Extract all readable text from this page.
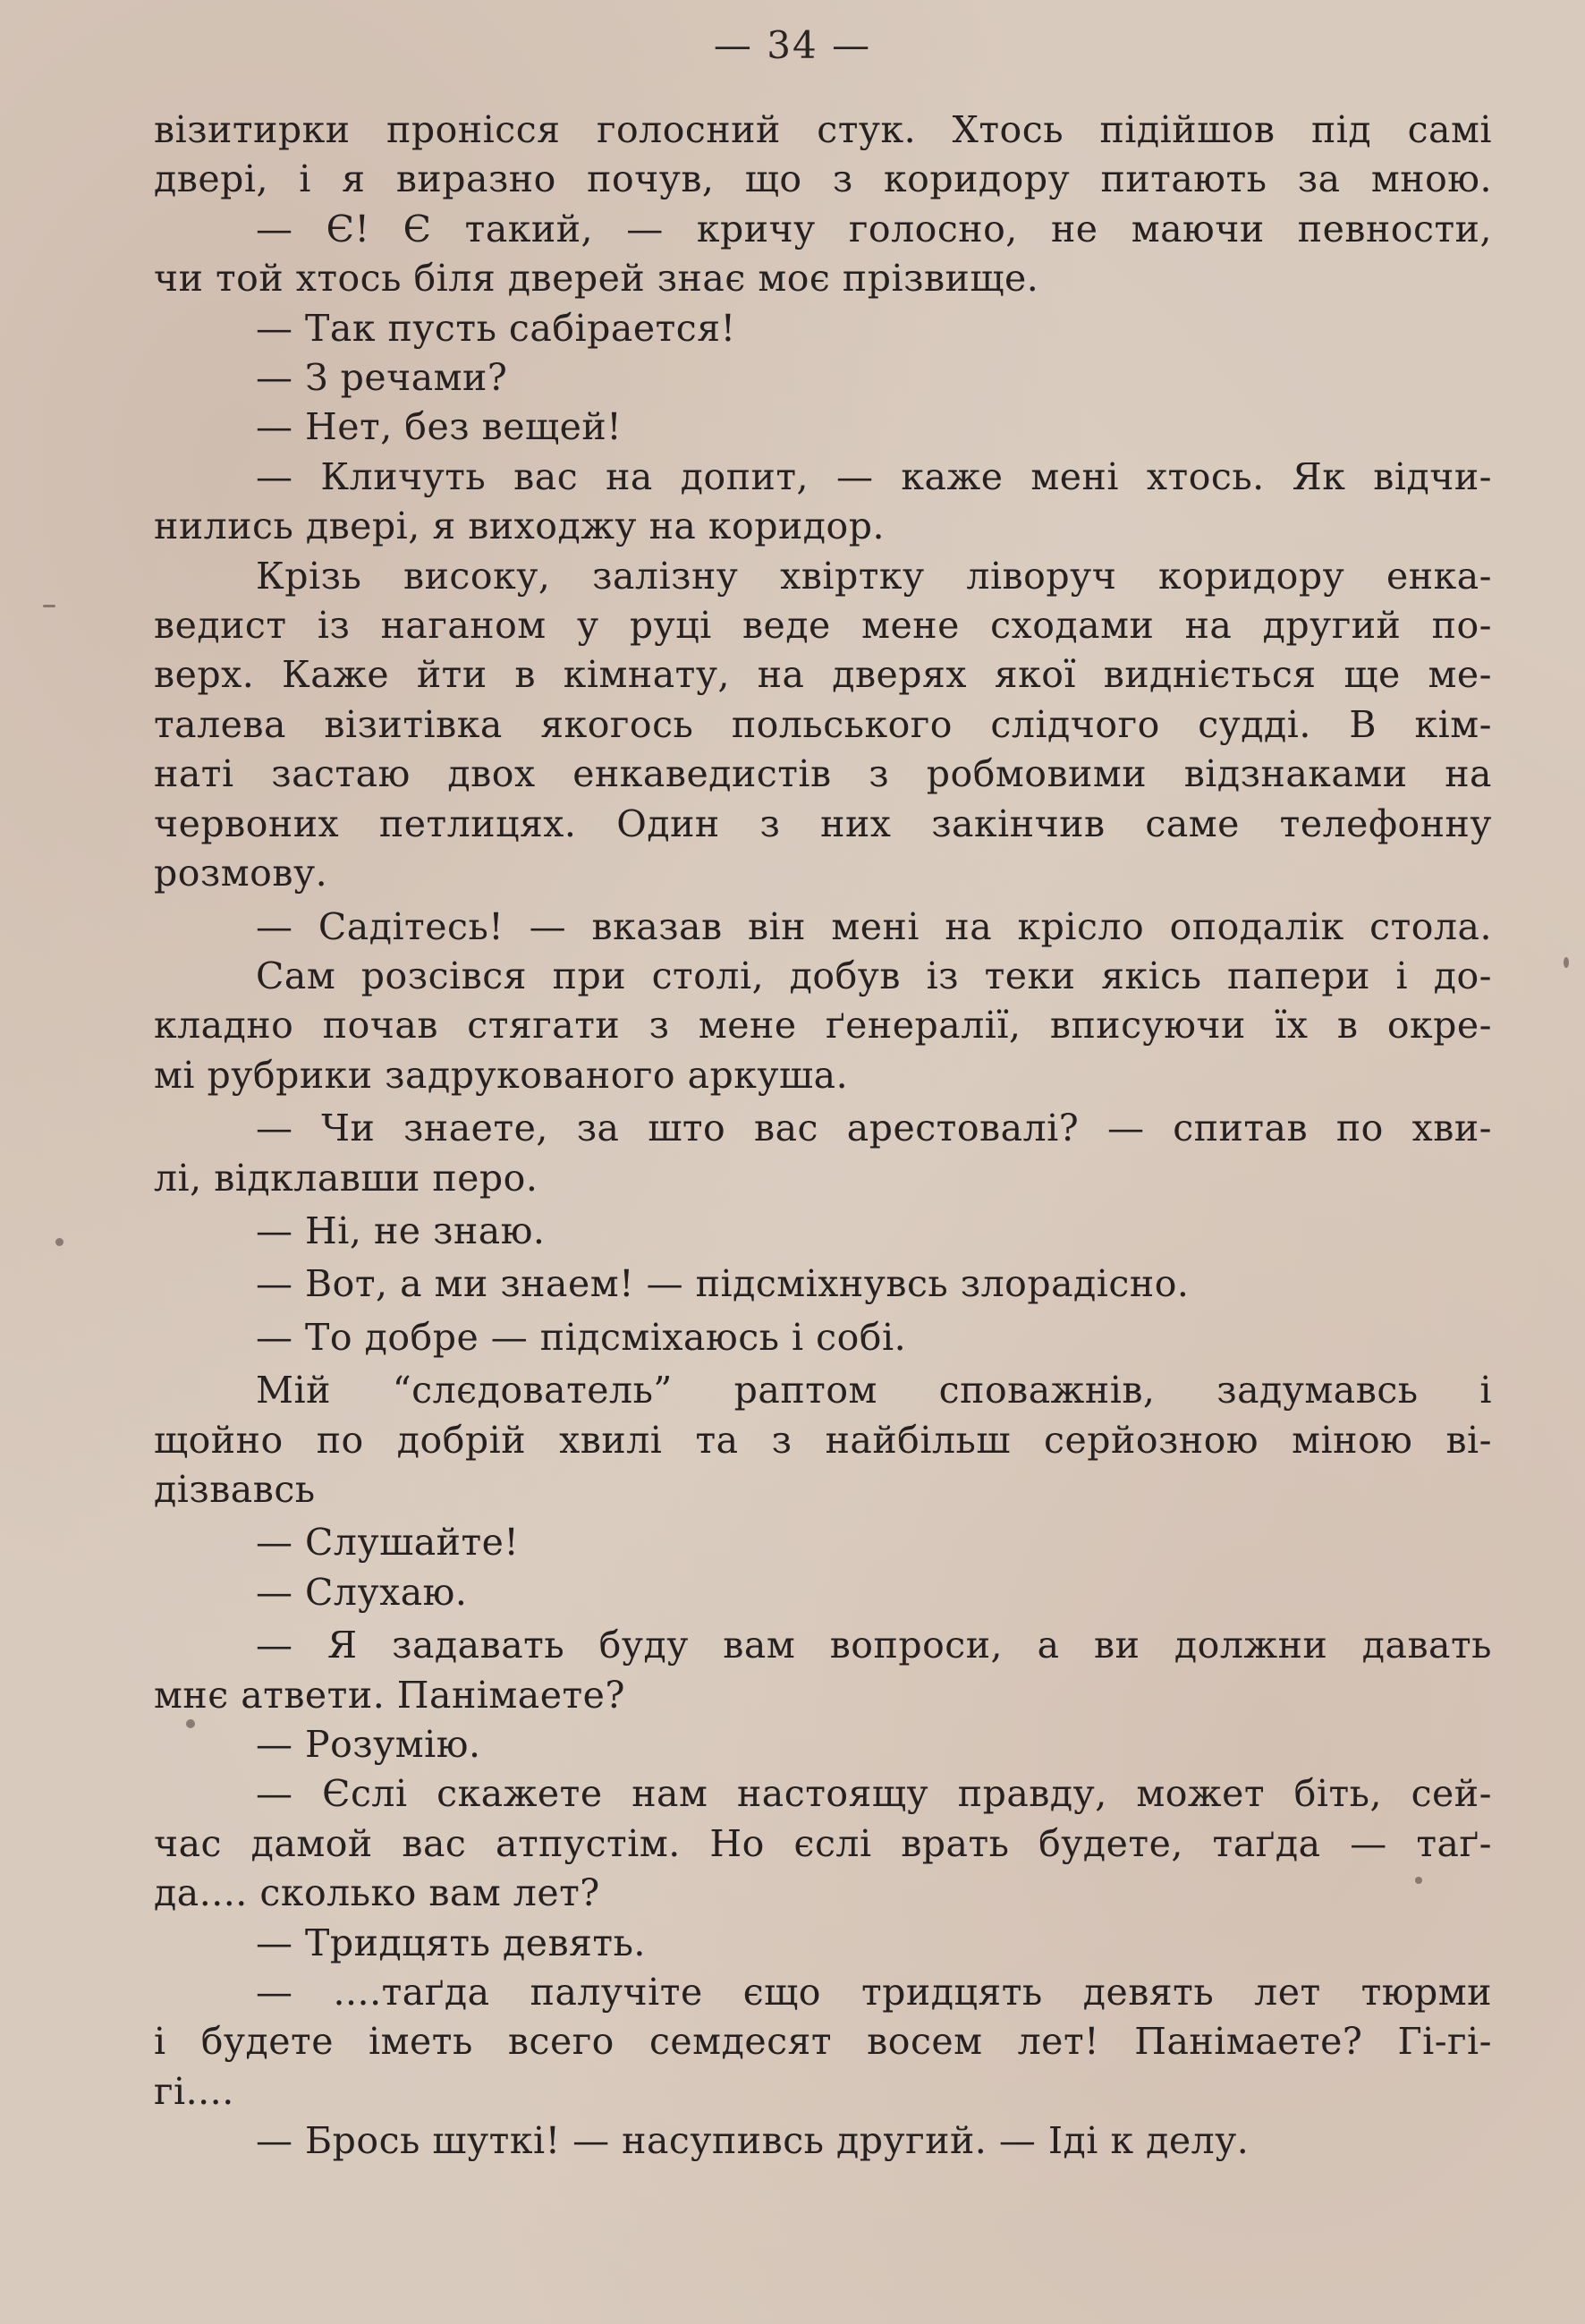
— 34 —

візитирки пронісся голосний стук. Хтось підійшов під самі

двері, і я виразно почув, що з коридору питають за мною.

— Є! Є такий, — кричу голосно, не маючи певности,

чи той хтось біля дверей знає моє прізвище.

— Так пусть сабірается!

— З речами?

— Нет, без вещей!

— Кличуть вас на допит, — каже мені хтось. Як відчи-

нились двері, я виходжу на коридор.

Крізь високу, залізну хвіртку ліворуч коридору енка-

ведист із наганом у руці веде мене сходами на другий по-

верх. Каже йти в кімнату, на дверях якої видніється ще ме-

талева візитівка якогось польського слідчого судді. В кім-

наті застаю двох енкаведистів з робмовими відзнаками на

червоних петлицях. Один з них закінчив саме телефонну

розмову.

— Садітесь! — вказав він мені на крісло оподалік стола.

Сам розсівся при столі, добув із теки якісь папери і до-

кладно почав стягати з мене ґенералії, вписуючи їх в окре-

мі рубрики задрукованого аркуша.

— Чи знаете, за што вас арестовалі? — спитав по хви-

лі, відклавши перо.

— Ні, не знаю.

— Вот, а ми знаем! — підсміхнувсь злорадісно.

— То добре — підсміхаюсь і собі.

Мій “слєдователь” раптом споважнів, задумавсь і

щойно по добрій хвилі та з найбільш серйозною міною ві-

дізвавсь

— Слушайте!

— Слухаю.

— Я задавать буду вам вопроси, а ви должни давать

мнє атвети. Панімаете?

— Розумію.

— Єслі скажете нам настоящу правду, может біть, сей-

час дамой вас атпустім. Но єслі врать будете, таґда — таґ-

да.... сколько вам лет?

— Тридцять девять.

— ....таґда палучіте єщо тридцять девять лет тюрми

і будете іметь всего семдесят восем лет! Панімаете? Гі-гі-

гі....

— Брось шуткі! — насупивсь другий. — Іді к делу.
